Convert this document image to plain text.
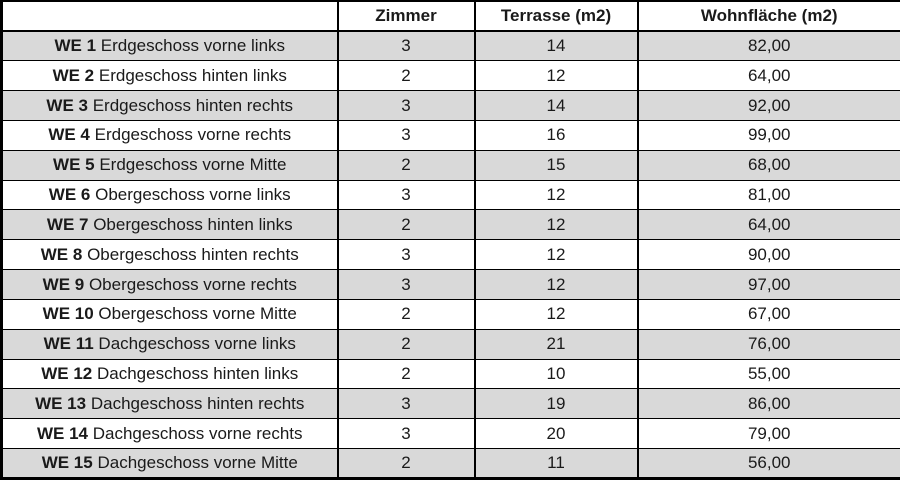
	Zimmer	Terrasse (m2)	Wohnfläche (m2)
WE 1 Erdgeschoss vorne links	3	14	82,00
WE 2 Erdgeschoss hinten links	2	12	64,00
WE 3 Erdgeschoss hinten rechts	3	14	92,00
WE 4 Erdgeschoss vorne rechts	3	16	99,00
WE 5 Erdgeschoss vorne Mitte	2	15	68,00
WE 6 Obergeschoss vorne links	3	12	81,00
WE 7 Obergeschoss hinten links	2	12	64,00
WE 8 Obergeschoss hinten rechts	3	12	90,00
WE 9 Obergeschoss vorne rechts	3	12	97,00
WE 10 Obergeschoss vorne Mitte	2	12	67,00
WE 11 Dachgeschoss vorne links	2	21	76,00
WE 12 Dachgeschoss hinten links	2	10	55,00
WE 13 Dachgeschoss hinten rechts	3	19	86,00
WE 14 Dachgeschoss vorne rechts	3	20	79,00
WE 15 Dachgeschoss vorne Mitte	2	11	56,00
